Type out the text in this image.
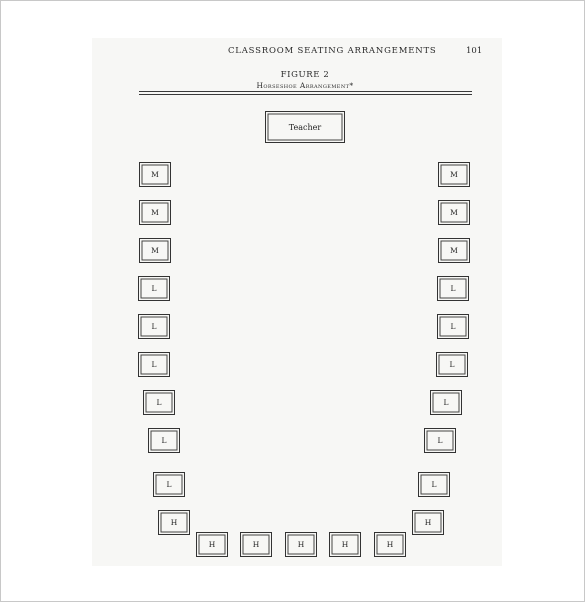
CLASSROOM SEATING ARRANGEMENTS	101
FIGURE 2
Horseshoe Arrangement*
Teacher
M
M
M
L
L
L
L
L
L
H
M
M
M
L
L
L
L
L
L
H
H	H	H	H	H
